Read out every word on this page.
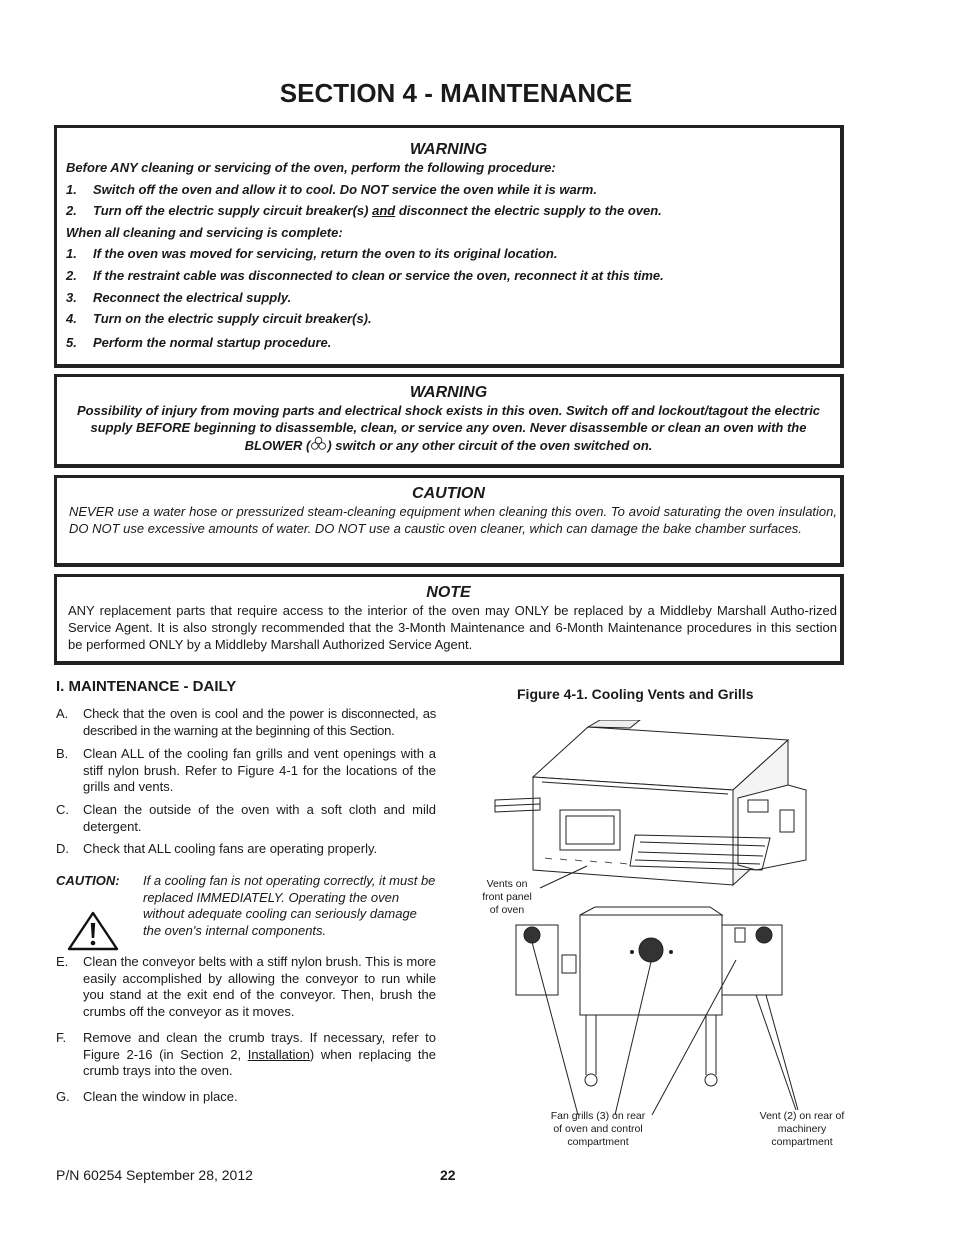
SECTION 4 - MAINTENANCE
WARNING
Before ANY cleaning or servicing of the oven, perform the following procedure:
1. Switch off the oven and allow it to cool. Do NOT service the oven while it is warm.
2. Turn off the electric supply circuit breaker(s) and disconnect the electric supply to the oven.
When all cleaning and servicing is complete:
1. If the oven was moved for servicing, return the oven to its original location.
2. If the restraint cable was disconnected to clean or service the oven, reconnect it at this time.
3. Reconnect the electrical supply.
4. Turn on the electric supply circuit breaker(s).
5. Perform the normal startup procedure.
WARNING
Possibility of injury from moving parts and electrical shock exists in this oven. Switch off and lockout/tagout the electric supply BEFORE beginning to disassemble, clean, or service any oven. Never disassemble or clean an oven with the BLOWER ( ) switch or any other circuit of the oven switched on.
CAUTION
NEVER use a water hose or pressurized steam-cleaning equipment when cleaning this oven. To avoid saturating the oven insulation, DO NOT use excessive amounts of water. DO NOT use a caustic oven cleaner, which can damage the bake chamber surfaces.
NOTE
ANY replacement parts that require access to the interior of the oven may ONLY be replaced by a Middleby Marshall Autho-rized Service Agent. It is also strongly recommended that the 3-Month Maintenance and 6-Month Maintenance procedures in this section be performed ONLY by a Middleby Marshall Authorized Service Agent.
I. MAINTENANCE - DAILY
A. Check that the oven is cool and the power is disconnected, as described in the warning at the beginning of this Section.
B. Clean ALL of the cooling fan grills and vent openings with a stiff nylon brush. Refer to Figure 4-1 for the locations of the grills and vents.
C. Clean the outside of the oven with a soft cloth and mild detergent.
D. Check that ALL cooling fans are operating properly.
CAUTION: If a cooling fan is not operating correctly, it must be replaced IMMEDIATELY. Operating the oven without adequate cooling can seriously damage the oven's internal components.
E. Clean the conveyor belts with a stiff nylon brush. This is more easily accomplished by allowing the conveyor to run while you stand at the exit end of the conveyor. Then, brush the crumbs off the conveyor as it moves.
F. Remove and clean the crumb trays. If necessary, refer to Figure 2-16 (in Section 2, Installation) when replacing the crumb trays into the oven.
G. Clean the window in place.
Figure 4-1. Cooling Vents and Grills
Vents on front panel of oven
Fan grills (3) on rear of oven and control compartment
Vent (2) on rear of machinery compartment
P/N 60254 September 28, 2012	22
